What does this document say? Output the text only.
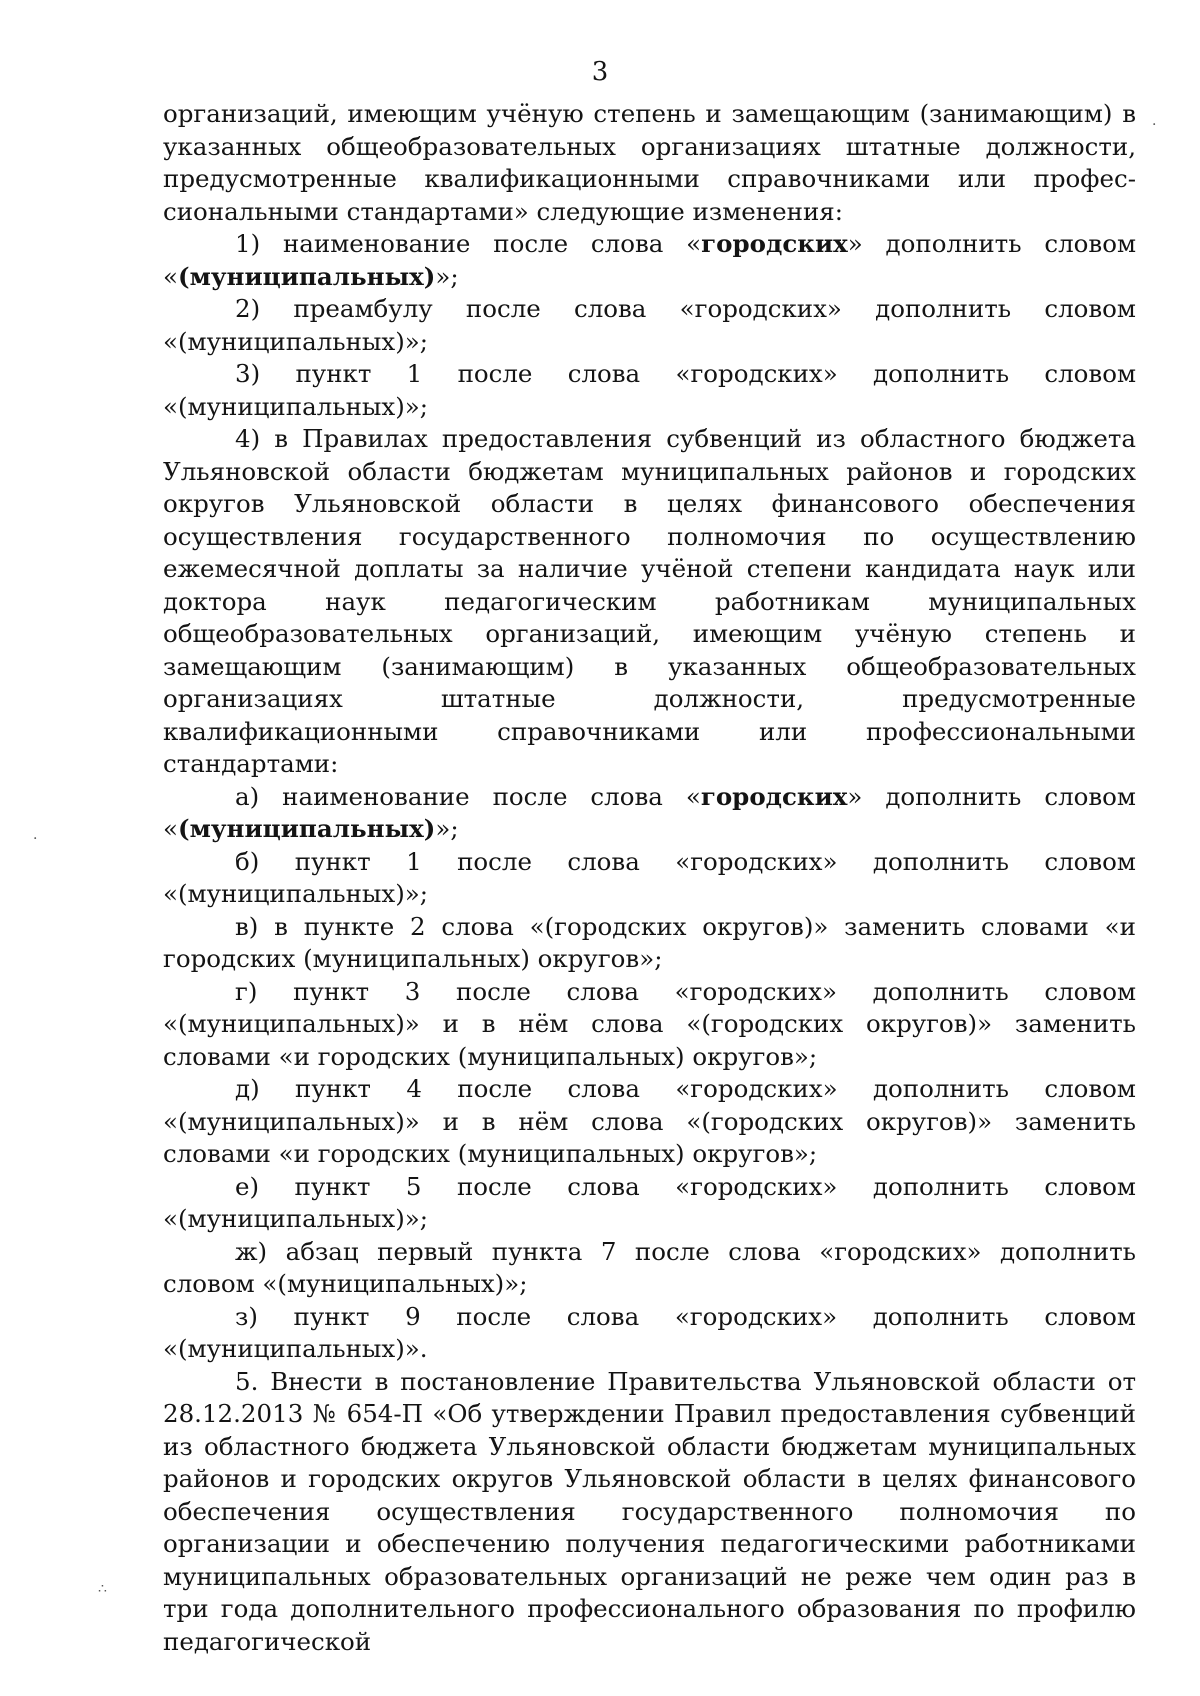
3

организаций, имеющим учёную степень и замещающим (занимающим) в указанных общеобразовательных организациях штатные должности, предусмотренные квалификационными справочниками или профессиональными стандартами» следующие изменения:

1) наименование после слова «городских» дополнить словом «(муниципальных)»;

2) преамбулу после слова «городских» дополнить словом «(муниципальных)»;

3) пункт 1 после слова «городских» дополнить словом «(муниципальных)»;

4) в Правилах предоставления субвенций из областного бюджета Ульяновской области бюджетам муниципальных районов и городских округов Ульяновской области в целях финансового обеспечения осуществления государственного полномочия по осуществлению ежемесячной доплаты за наличие учёной степени кандидата наук или доктора наук педагогическим работникам муниципальных общеобразовательных организаций, имеющим учёную степень и замещающим (занимающим) в указанных общеобразовательных организациях штатные должности, предусмотренные квалификационными справочниками или профессиональными стандартами:

а) наименование после слова «городских» дополнить словом «(муниципальных)»;

б) пункт 1 после слова «городских» дополнить словом «(муниципальных)»;

в) в пункте 2 слова «(городских округов)» заменить словами «и городских (муниципальных) округов»;

г) пункт 3 после слова «городских» дополнить словом «(муниципальных)» и в нём слова «(городских округов)» заменить словами «и городских (муниципальных) округов»;

д) пункт 4 после слова «городских» дополнить словом «(муниципальных)» и в нём слова «(городских округов)» заменить словами «и городских (муниципальных) округов»;

е) пункт 5 после слова «городских» дополнить словом «(муниципальных)»;

ж) абзац первый пункта 7 после слова «городских» дополнить словом «(муниципальных)»;

з) пункт 9 после слова «городских» дополнить словом «(муниципальных)».

5. Внести в постановление Правительства Ульяновской области от 28.12.2013 № 654-П «Об утверждении Правил предоставления субвенций из областного бюджета Ульяновской области бюджетам муниципальных районов и городских округов Ульяновской области в целях финансового обеспечения осуществления государственного полномочия по организации и обеспечению получения педагогическими работниками муниципальных образовательных организаций не реже чем один раз в три года дополнительного профессионального образования по профилю педагогической

·
·
∴
